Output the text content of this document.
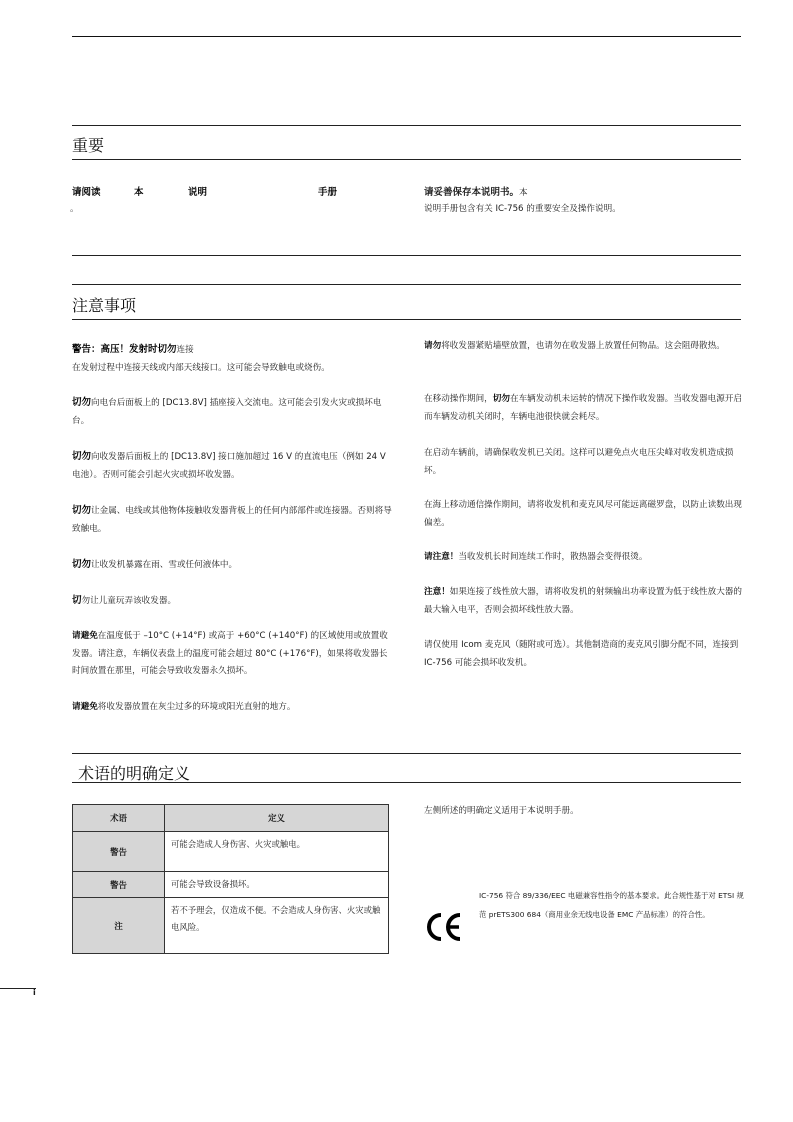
重要
请阅读	本	说明	手册
。
请妥善保存本说明书。本
说明手册包含有关 IC-756 的重要安全及操作说明。
注意事项
警告：高压！发射时切勿连接
在发射过程中连接天线或内部天线接口。这可能会导致触电或烧伤。
切勿向电台后面板上的 [DC13.8V] 插座接入交流电。这可能会引发火灾或损坏电台。
切勿向收发器后面板上的 [DC13.8V] 接口施加超过 16 V 的直流电压（例如 24 V 电池）。否则可能会引起火灾或损坏收发器。
切勿让金属、电线或其他物体接触收发器背板上的任何内部部件或连接器。否则将导致触电。
切勿让收发机暴露在雨、雪或任何液体中。
切勿让儿童玩弄该收发器。
请避免在温度低于 –10°C (+14°F) 或高于 +60°C (+140°F) 的区域使用或放置收发器。请注意，车辆仪表盘上的温度可能会超过 80°C (+176°F)，如果将收发器长时间放置在那里，可能会导致收发器永久损坏。
请避免将收发器放置在灰尘过多的环境或阳光直射的地方。
请勿将收发器紧贴墙壁放置，也请勿在收发器上放置任何物品。这会阻碍散热。
在移动操作期间，切勿在车辆发动机未运转的情况下操作收发器。当收发器电源开启而车辆发动机关闭时，车辆电池很快就会耗尽。
在启动车辆前，请确保收发机已关闭。这样可以避免点火电压尖峰对收发机造成损坏。
在海上移动通信操作期间，请将收发机和麦克风尽可能远离磁罗盘，以防止读数出现偏差。
请注意！当收发机长时间连续工作时，散热器会变得很烫。
注意！如果连接了线性放大器，请将收发机的射频输出功率设置为低于线性放大器的最大输入电平，否则会损坏线性放大器。
请仅使用 Icom 麦克风（随附或可选）。其他制造商的麦克风引脚分配不同，连接到 IC-756 可能会损坏收发机。
术语的明确定义
术语	定义
警告	可能会造成人身伤害、火灾或触电。
警告	可能会导致设备损坏。
注	若不予理会，仅造成不便。不会造成人身伤害、火灾或触电风险。
左侧所述的明确定义适用于本说明手册。
IC-756 符合 89/336/EEC 电磁兼容性指令的基本要求。此合规性基于对 ETSI 规范 prETS300 684（商用业余无线电设备 EMC 产品标准）的符合性。
i
